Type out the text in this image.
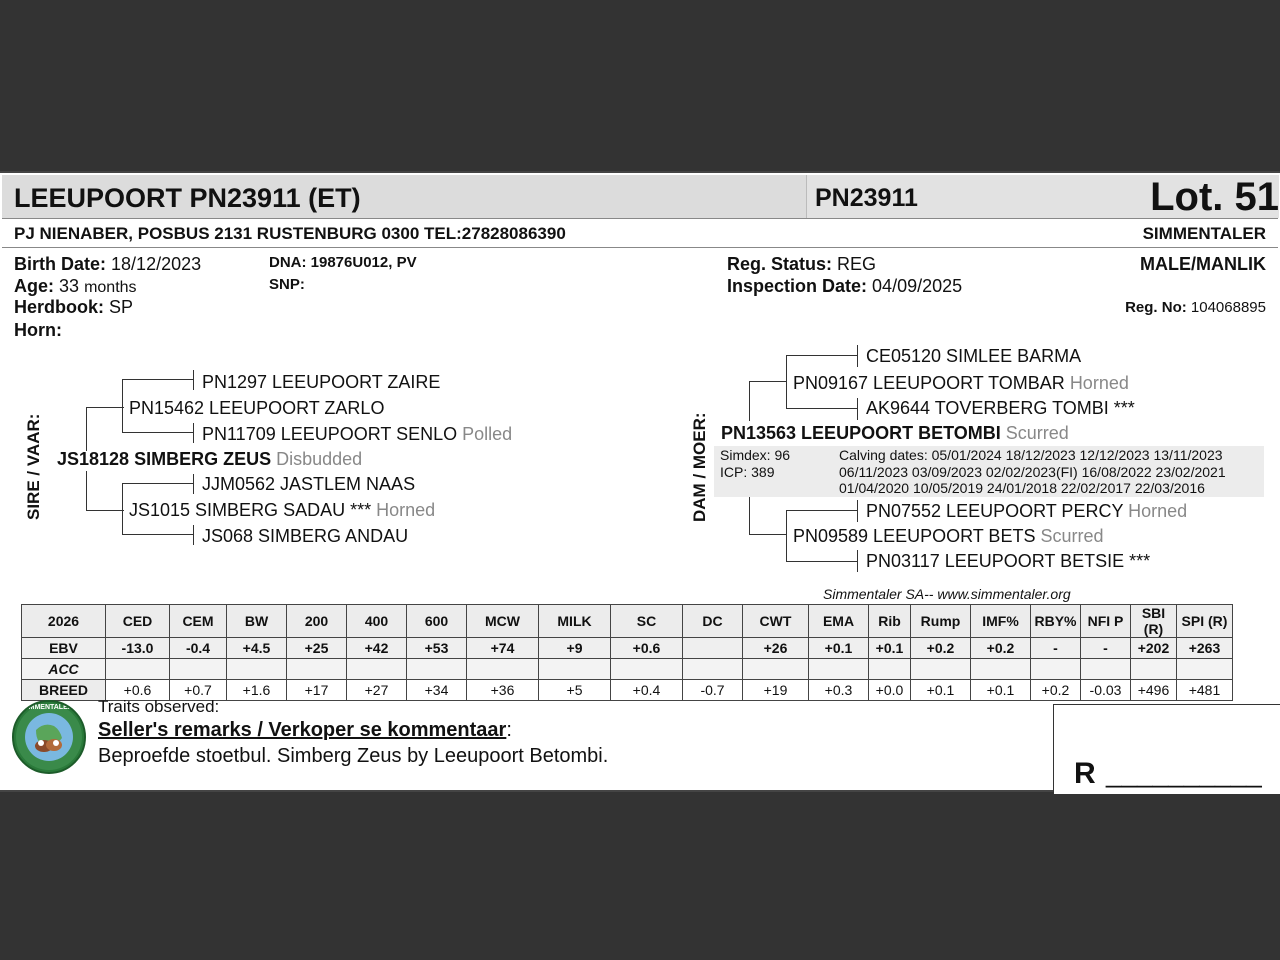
LEEUPOORT PN23911 (ET)	PN23911	Lot. 51
PJ NIENABER, POSBUS 2131 RUSTENBURG 0300 TEL:27828086390	SIMMENTALER
Birth Date: 18/12/2023
Age: 33 months
Herdbook: SP
Horn:
DNA: 19876U012, PV
SNP:
Reg. Status: REG
Inspection Date: 04/09/2025
MALE/MANLIK
Reg. No: 104068895
SIRE / VAAR:
PN1297 LEEUPOORT ZAIRE
PN15462 LEEUPOORT ZARLO
PN11709 LEEUPOORT SENLO Polled
JS18128 SIMBERG ZEUS Disbudded
JJM0562 JASTLEM NAAS
JS1015 SIMBERG SADAU *** Horned
JS068 SIMBERG ANDAU
DAM / MOER:
CE05120 SIMLEE BARMA
PN09167 LEEUPOORT TOMBAR Horned
AK9644 TOVERBERG TOMBI ***
PN13563 LEEUPOORT BETOMBI Scurred
Simdex: 96
ICP: 389
Calving dates: 05/01/2024 18/12/2023 12/12/2023 13/11/2023
06/11/2023 03/09/2023 02/02/2023(FI) 16/08/2022 23/02/2021
01/04/2020 10/05/2019 24/01/2018 22/02/2017 22/03/2016
PN07552 LEEUPOORT PERCY Horned
PN09589 LEEUPOORT BETS Scurred
PN03117 LEEUPOORT BETSIE ***
Simmentaler SA-- www.simmentaler.org
2026	CED	CEM	BW	200	400	600	MCW	MILK	SC	DC	CWT	EMA	Rib	Rump	IMF%	RBY%	NFI P	SBI (R)	SPI (R)
EBV	-13.0	-0.4	+4.5	+25	+42	+53	+74	+9	+0.6		+26	+0.1	+0.1	+0.2	+0.2	-	-	+202	+263
ACC																			
BREED	+0.6	+0.7	+1.6	+17	+27	+34	+36	+5	+0.4	-0.7	+19	+0.3	+0.0	+0.1	+0.1	+0.2	-0.03	+496	+481
SIMMENTALER Traits observed:
Seller's remarks / Verkoper se kommentaar:
Beproefde stoetbul. Simberg Zeus by Leeupoort Betombi.
R __________
